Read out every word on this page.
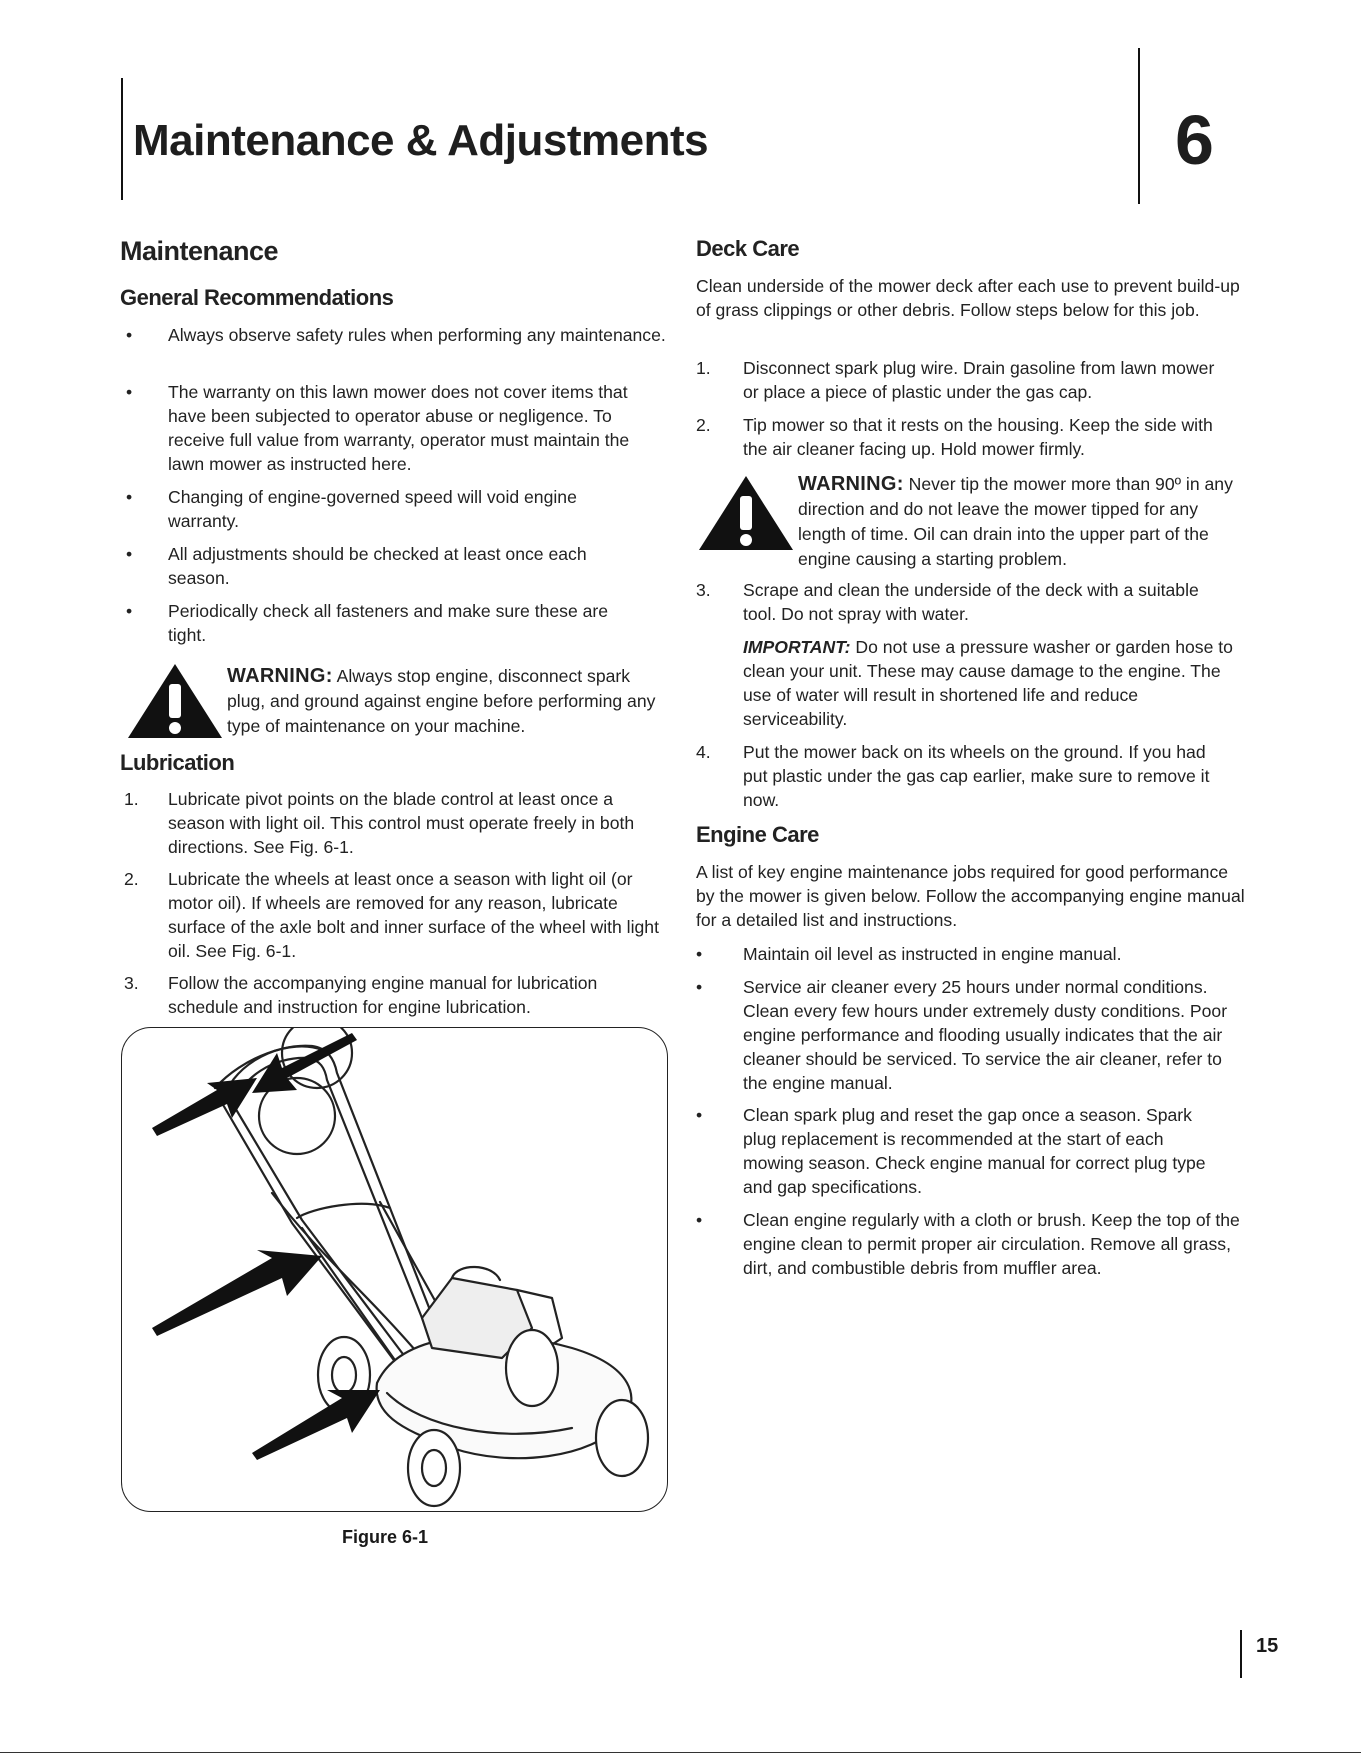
Maintenance & Adjustments	6
Maintenance
General Recommendations
• Always observe safety rules when performing any maintenance.
• The warranty on this lawn mower does not cover items that have been subjected to operator abuse or negligence. To receive full value from warranty, operator must maintain the lawn mower as instructed here.
• Changing of engine-governed speed will void engine warranty.
• All adjustments should be checked at least once each season.
• Periodically check all fasteners and make sure these are tight.
WARNING: Always stop engine, disconnect spark plug, and ground against engine before performing any type of maintenance on your machine.
Lubrication
1. Lubricate pivot points on the blade control at least once a season with light oil. This control must operate freely in both directions. See Fig. 6-1.
2. Lubricate the wheels at least once a season with light oil (or motor oil). If wheels are removed for any reason, lubricate surface of the axle bolt and inner surface of the wheel with light oil. See Fig. 6-1.
3. Follow the accompanying engine manual for lubrication schedule and instruction for engine lubrication.
Figure 6-1
Deck Care
Clean underside of the mower deck after each use to prevent build-up of grass clippings or other debris. Follow steps below for this job.
1. Disconnect spark plug wire. Drain gasoline from lawn mower or place a piece of plastic under the gas cap.
2. Tip mower so that it rests on the housing. Keep the side with the air cleaner facing up. Hold mower firmly.
WARNING: Never tip the mower more than 90º in any direction and do not leave the mower tipped for any length of time. Oil can drain into the upper part of the engine causing a starting problem.
3. Scrape and clean the underside of the deck with a suitable tool. Do not spray with water.
IMPORTANT: Do not use a pressure washer or garden hose to clean your unit. These may cause damage to the engine. The use of water will result in shortened life and reduce serviceability.
4. Put the mower back on its wheels on the ground. If you had put plastic under the gas cap earlier, make sure to remove it now.
Engine Care
A list of key engine maintenance jobs required for good performance by the mower is given below. Follow the accompanying engine manual for a detailed list and instructions.
• Maintain oil level as instructed in engine manual.
• Service air cleaner every 25 hours under normal conditions. Clean every few hours under extremely dusty conditions. Poor engine performance and flooding usually indicates that the air cleaner should be serviced. To service the air cleaner, refer to the engine manual.
• Clean spark plug and reset the gap once a season. Spark plug replacement is recommended at the start of each mowing season. Check engine manual for correct plug type and gap specifications.
• Clean engine regularly with a cloth or brush. Keep the top of the engine clean to permit proper air circulation. Remove all grass, dirt, and combustible debris from muffler area.
15
